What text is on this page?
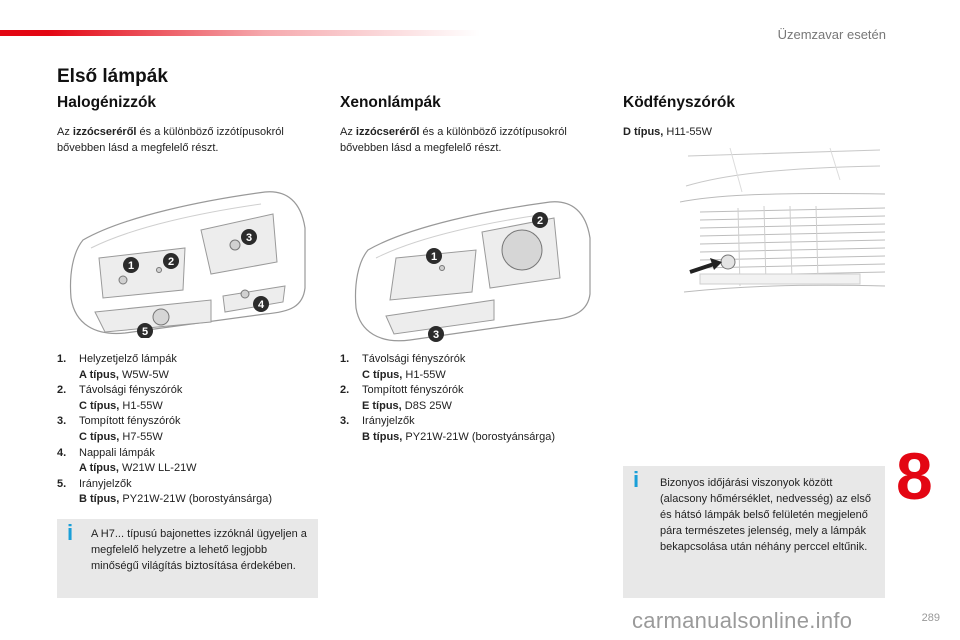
Üzemzavar esetén
Első lámpák
Halogénizzók

Az izzócseréről és a különböző izzótípusokról bővebben lásd a megfelelő részt.

1	2
3
4
5
1. Helyzetjelző lámpák
A típus, W5W-5W
2. Távolsági fényszórók
C típus, H1-55W
3. Tompított fényszórók
C típus, H7-55W
4. Nappali lámpák
A típus, W21W LL-21W
5. Irányjelzők
B típus, PY21W-21W (borostyánsárga)
i A H7... típusú bajonettes izzóknál ügyeljen a megfelelő helyzetre a lehető legjobb minőségű világítás biztosítása érdekében.
Xenonlámpák

Az izzócseréről és a különböző izzótípusokról bővebben lásd a megfelelő részt.

1
2
3
1. Távolsági fényszórók
C típus, H1-55W
2. Tompított fényszórók
E típus, D8S 25W
3. Irányjelzők
B típus, PY21W-21W (borostyánsárga)
Ködfényszórók

D típus, H11-55W

i Bizonyos időjárási viszonyok között (alacsony hőmérséklet, nedvesség) az első és hátsó lámpák belső felületén megjelenő pára természetes jelenség, mely a lámpák bekapcsolása után néhány perccel eltűnik.
8
289
carmanualsonline.info
